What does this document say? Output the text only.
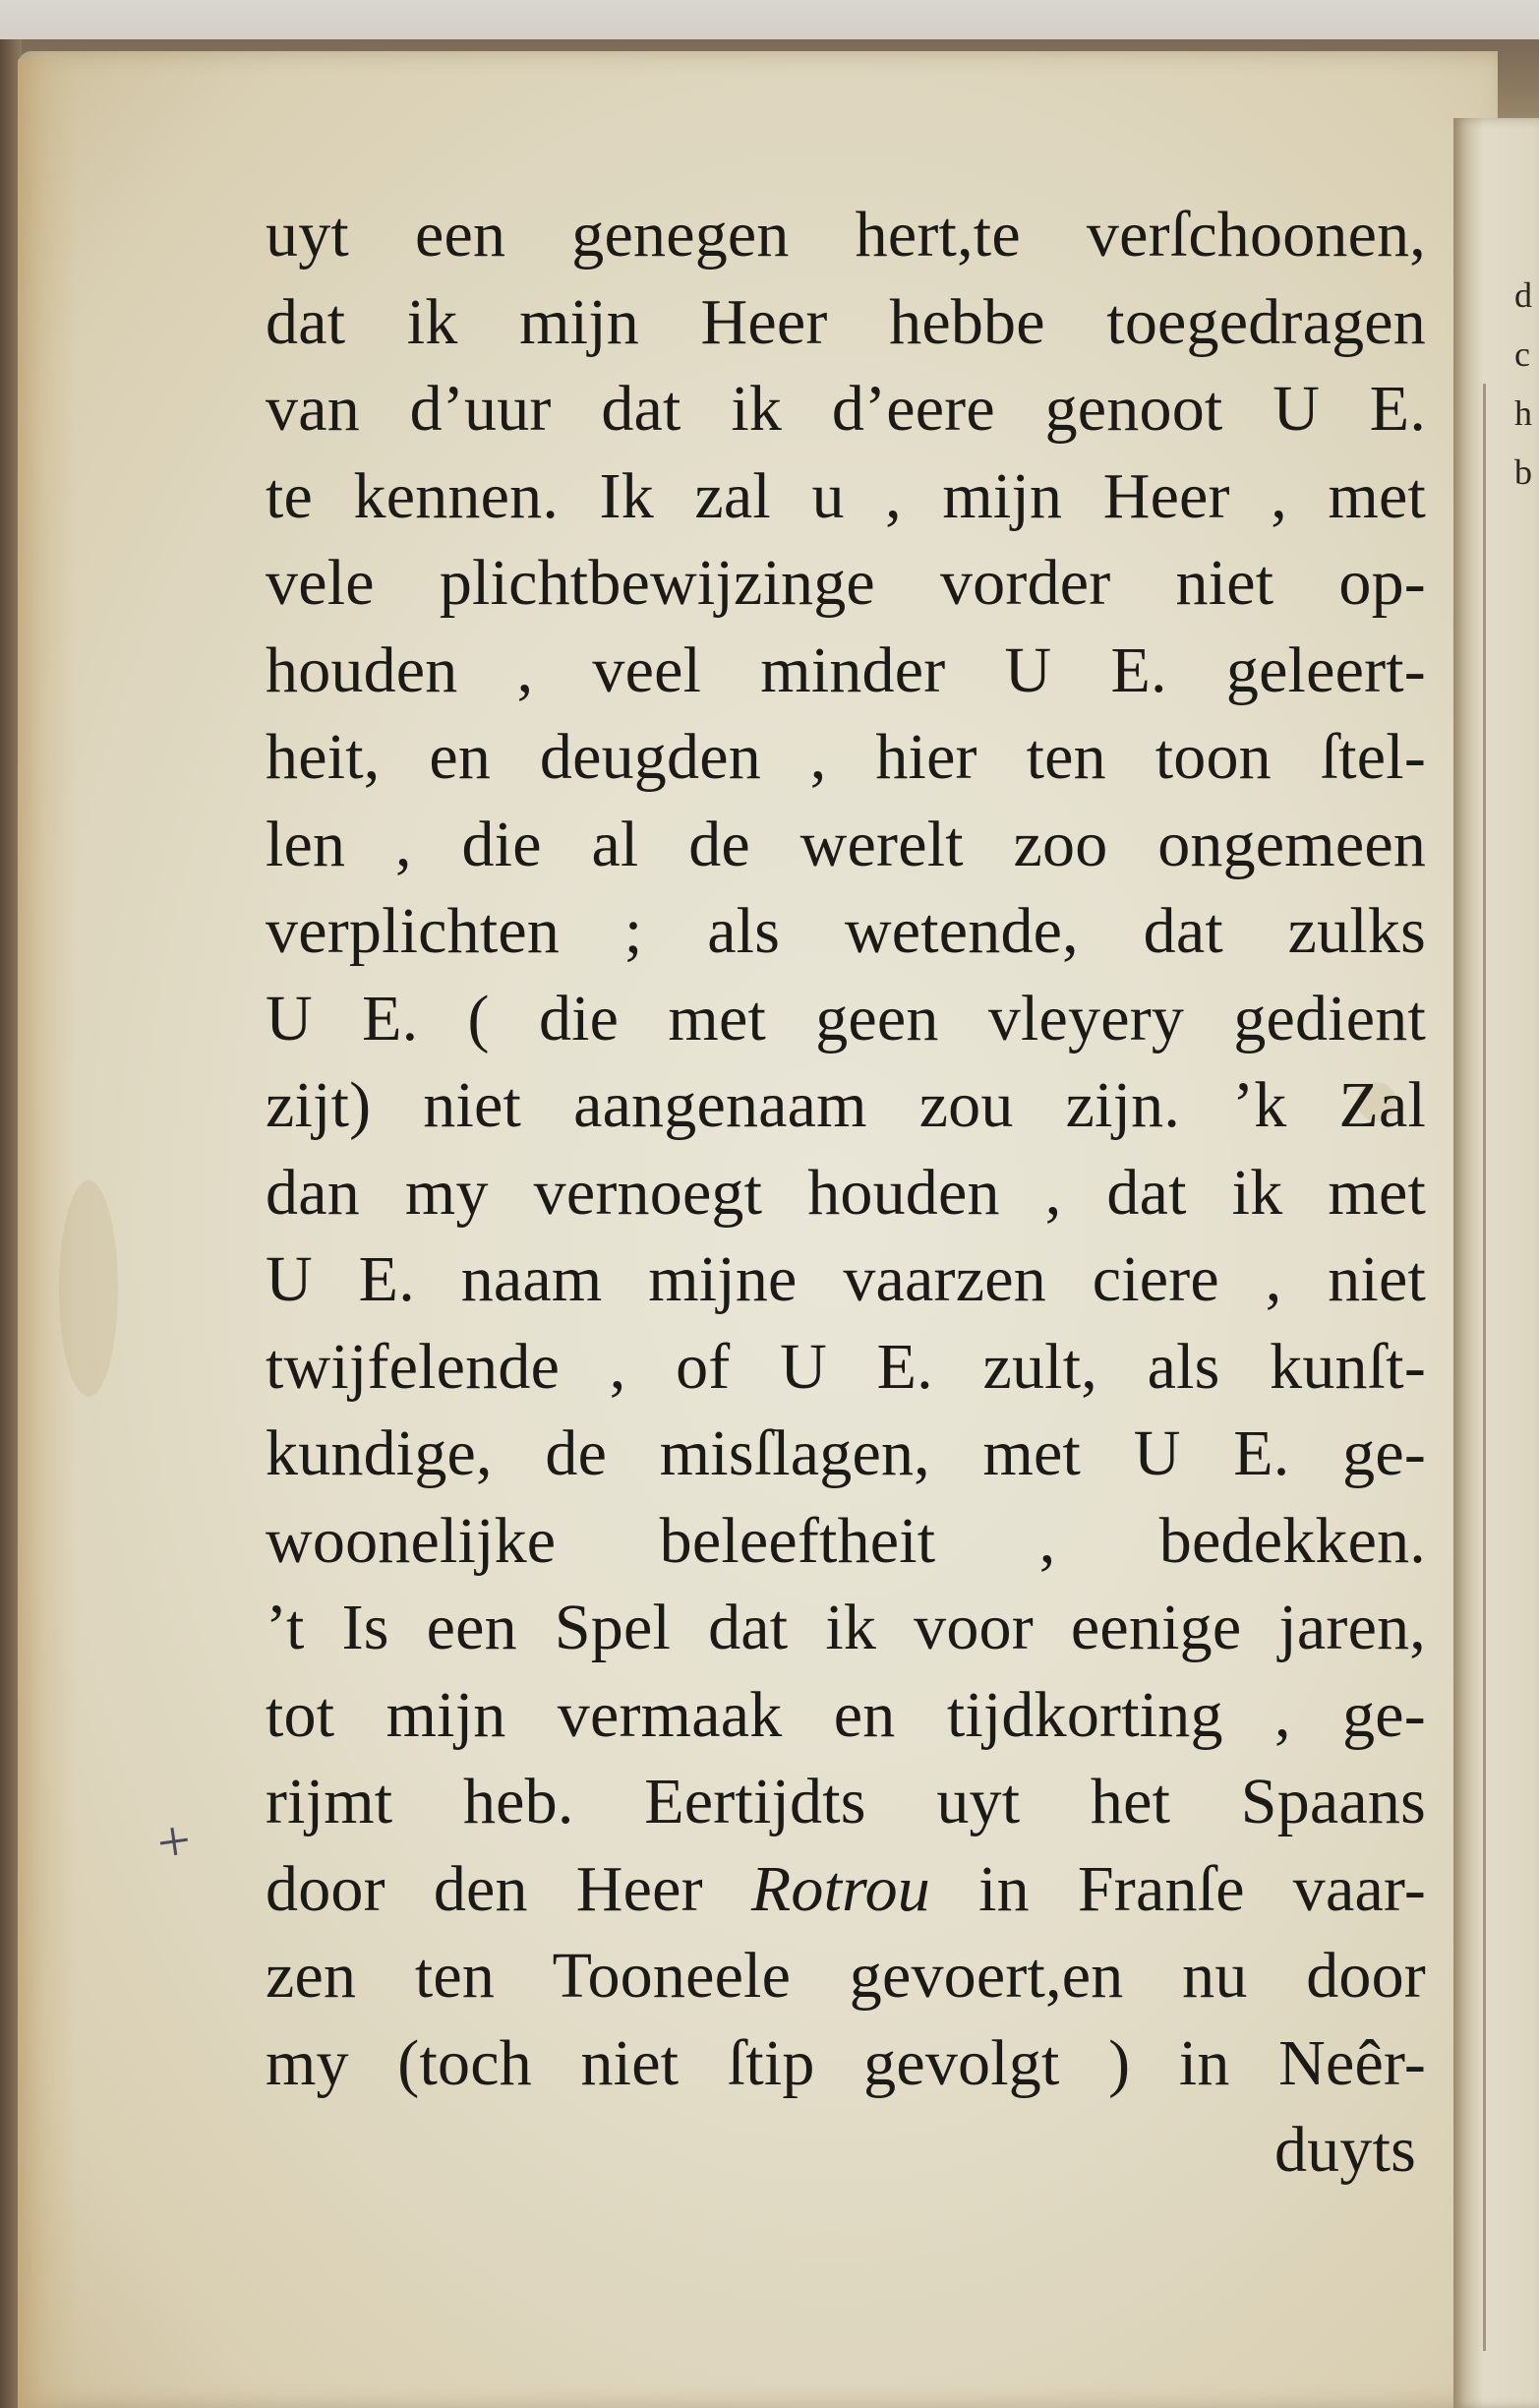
d
c
h
b
+
uyt een genegen hert,te verſchoonen,
dat ik mijn Heer hebbe toegedragen
van d’uur dat ik d’eere genoot U E.
te kennen. Ik zal u , mijn Heer , met
vele plichtbewijzinge vorder niet op-
houden , veel minder U E. geleert-
heit, en deugden , hier ten toon ſtel-
len , die al de werelt zoo ongemeen
verplichten ; als wetende, dat zulks
U E. ( die met geen vleyery gedient
zijt) niet aangenaam zou zijn. ’k Zal
dan my vernoegt houden , dat ik met
U E. naam mijne vaarzen ciere , niet
twijfelende , of U E. zult, als kunſt-
kundige, de misſlagen, met U E. ge-
woonelijke beleeftheit , bedekken.
’t Is een Spel dat ik voor eenige jaren,
tot mijn vermaak en tijdkorting , ge-
rijmt heb. Eertijdts uyt het Spaans
door den Heer Rotrou in Franſe vaar-
zen ten Tooneele gevoert,en nu door
my (toch niet ſtip gevolgt ) in Neêr-
duyts
